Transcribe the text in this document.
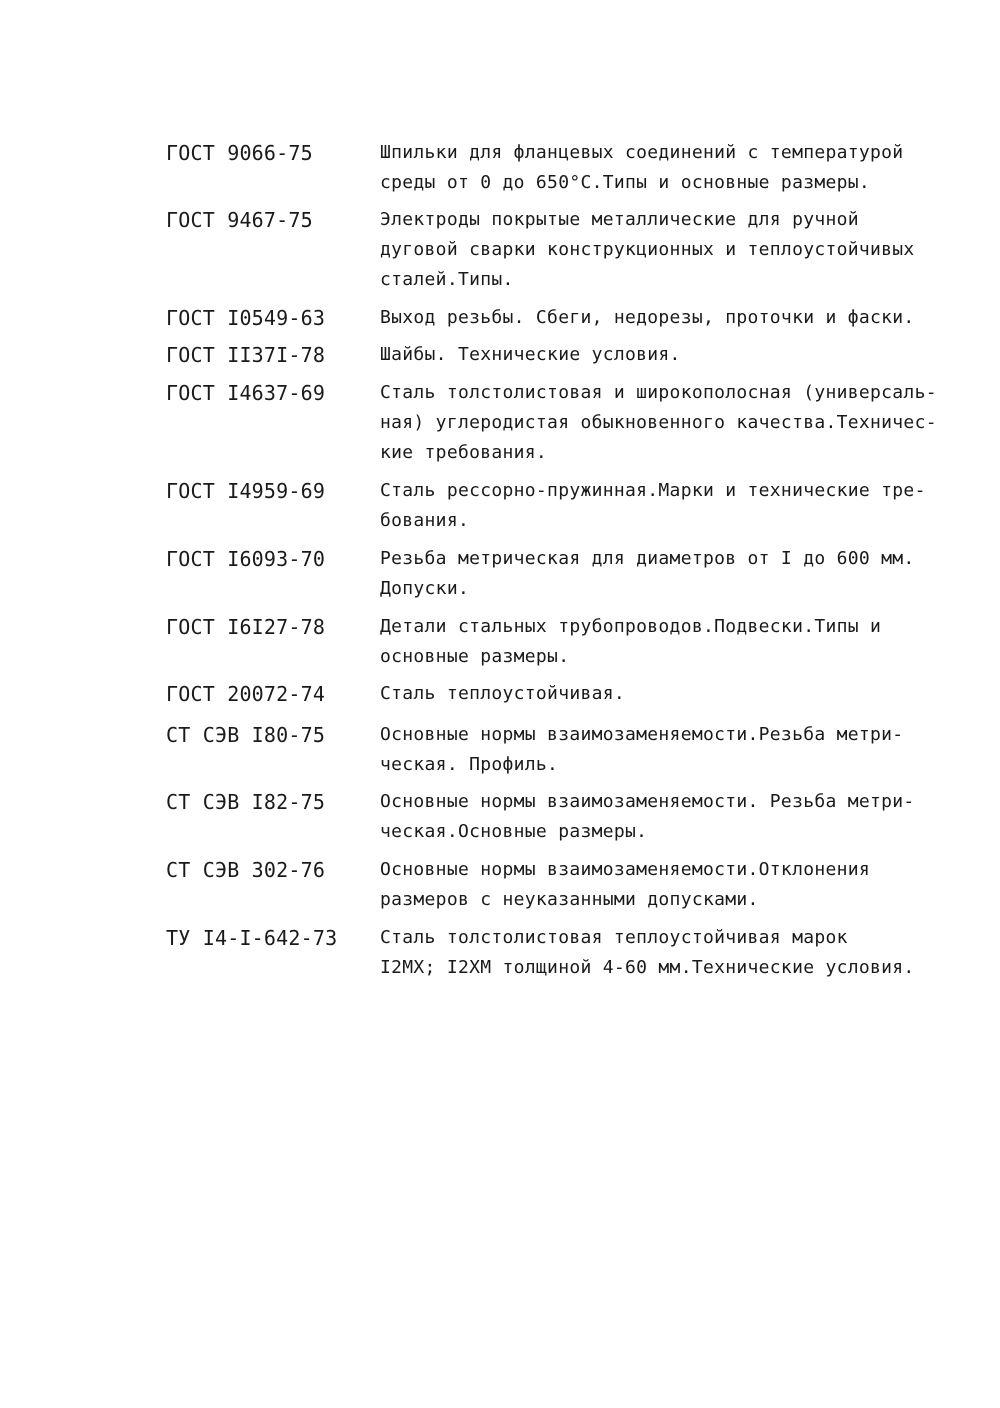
ГОСТ 9066-75	Шпильки для фланцевых соединений с температурой
среды от 0 до 650°С.Типы и основные размеры.
ГОСТ 9467-75	Электроды покрытые металлические для ручной
дуговой сварки конструкционных и теплоустойчивых
сталей.Типы.
ГОСТ I0549-63	Выход резьбы. Сбеги, недорезы, проточки и фаски.
ГОСТ II37I-78	Шайбы. Технические условия.
ГОСТ I4637-69	Сталь толстолистовая и широкополосная (универсаль-
ная) углеродистая обыкновенного качества.Техничес-
кие требования.
ГОСТ I4959-69	Сталь рессорно-пружинная.Марки и технические тре-
бования.
ГОСТ I6093-70	Резьба метрическая для диаметров от I до 600 мм.
Допуски.
ГОСТ I6I27-78	Детали стальных трубопроводов.Подвески.Типы и
основные размеры.
ГОСТ 20072-74	Сталь теплоустойчивая.
СТ СЭВ I80-75	Основные нормы взаимозаменяемости.Резьба метри-
ческая. Профиль.
СТ СЭВ I82-75	Основные нормы взаимозаменяемости. Резьба метри-
ческая.Основные размеры.
СТ СЭВ 302-76	Основные нормы взаимозаменяемости.Отклонения
размеров с неуказанными допусками.
ТУ I4-I-642-73	Сталь толстолистовая теплоустойчивая марок
I2МХ; I2ХМ толщиной 4-60 мм.Технические условия.
